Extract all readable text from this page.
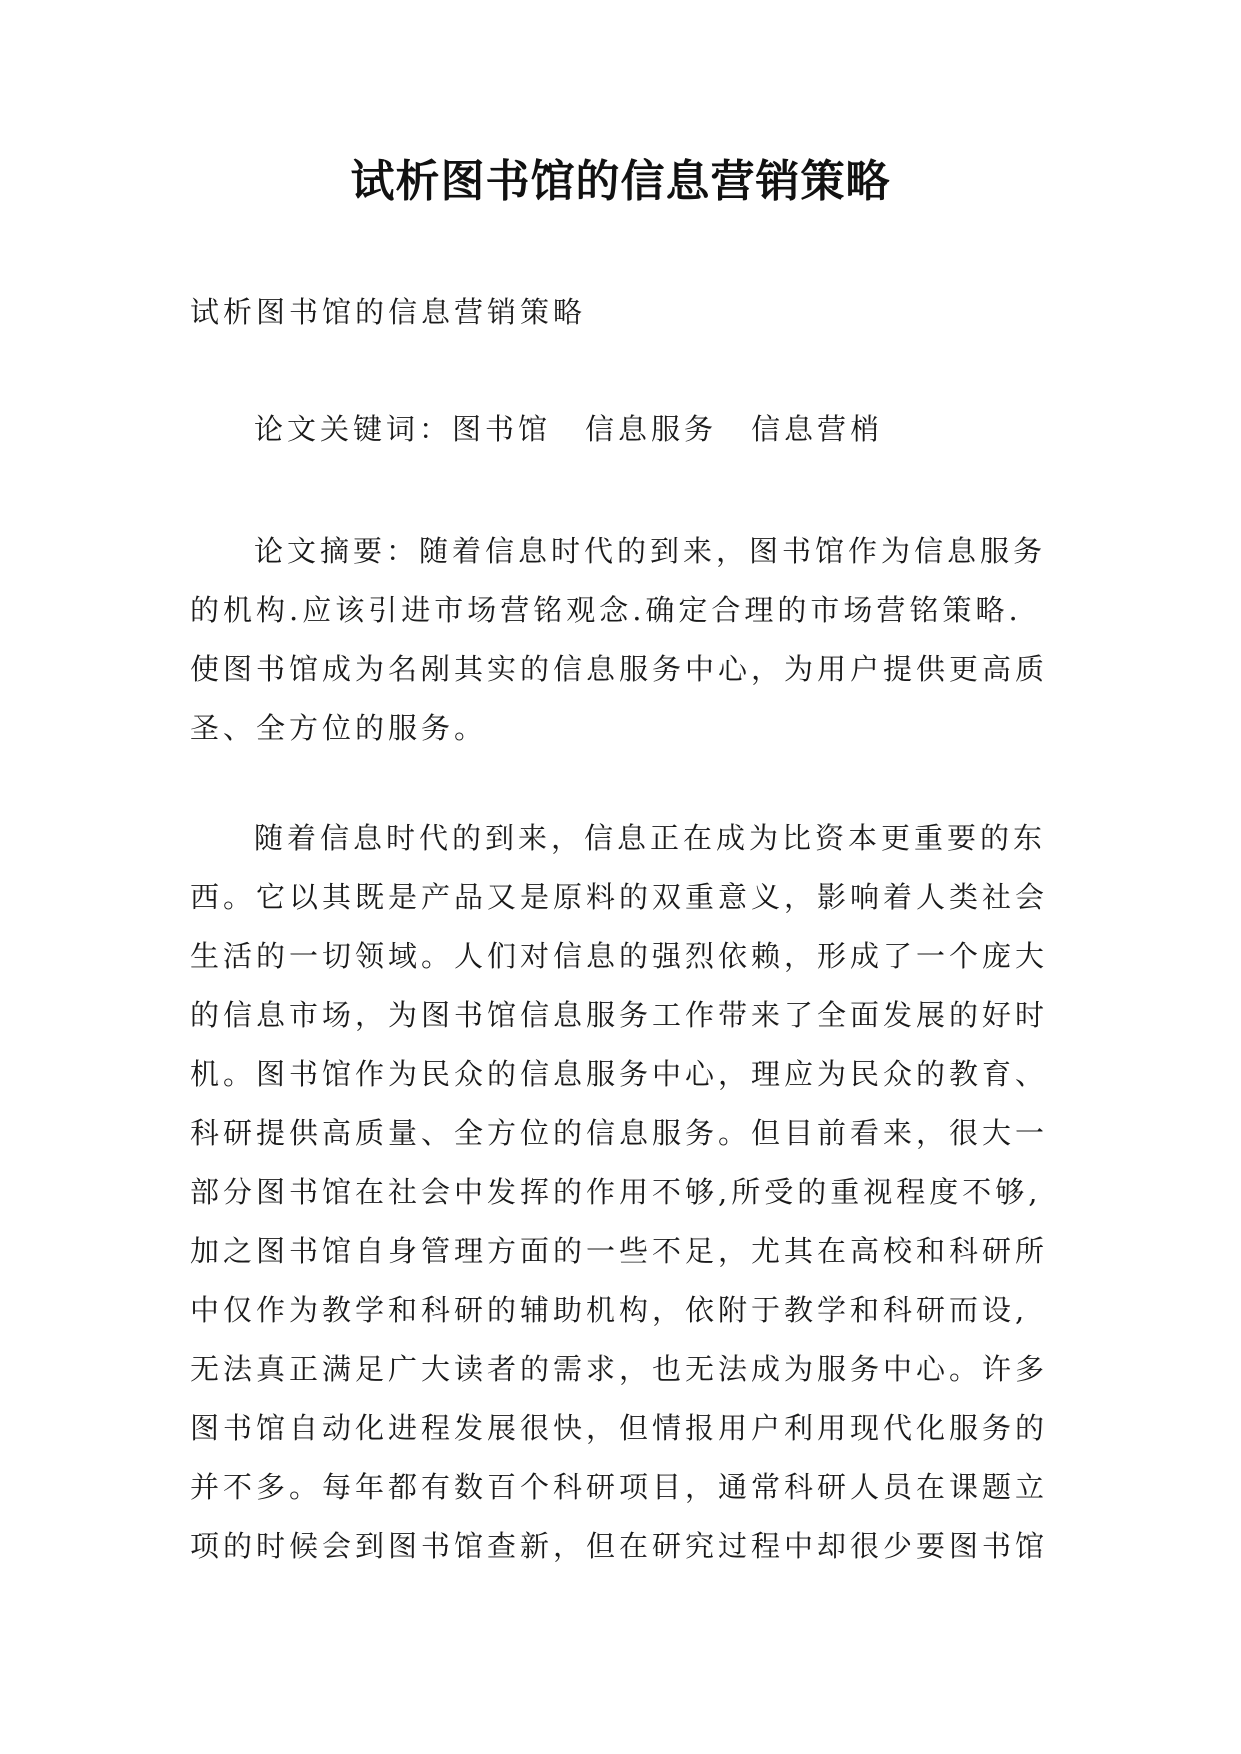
试析图书馆的信息营销策略

试析图书馆的信息营销策略

论文关键词：图书馆 信息服务 信息营梢

论文摘要：随着信息时代的到来，图书馆作为信息服务
的机构.应该引进市场营铭观念.确定合理的市场营铭策略.
使图书馆成为名剐其实的信息服务中心，为用户提供更高质
圣、全方位的服务。
随着信息时代的到来，信息正在成为比资本更重要的东
西。它以其既是产品又是原料的双重意义，影响着人类社会
生活的一切领域。人们对信息的强烈依赖，形成了一个庞大
的信息市场，为图书馆信息服务工作带来了全面发展的好时
机。图书馆作为民众的信息服务中心，理应为民众的教育、
科研提供高质量、全方位的信息服务。但目前看来，很大一
部分图书馆在社会中发挥的作用不够,所受的重视程度不够,
加之图书馆自身管理方面的一些不足，尤其在高校和科研所
中仅作为教学和科研的辅助机构，依附于教学和科研而设,
无法真正满足广大读者的需求，也无法成为服务中心。许多
图书馆自动化进程发展很快，但情报用户利用现代化服务的
并不多。每年都有数百个科研项目，通常科研人员在课题立
项的时候会到图书馆查新，但在研究过程中却很少要图书馆
